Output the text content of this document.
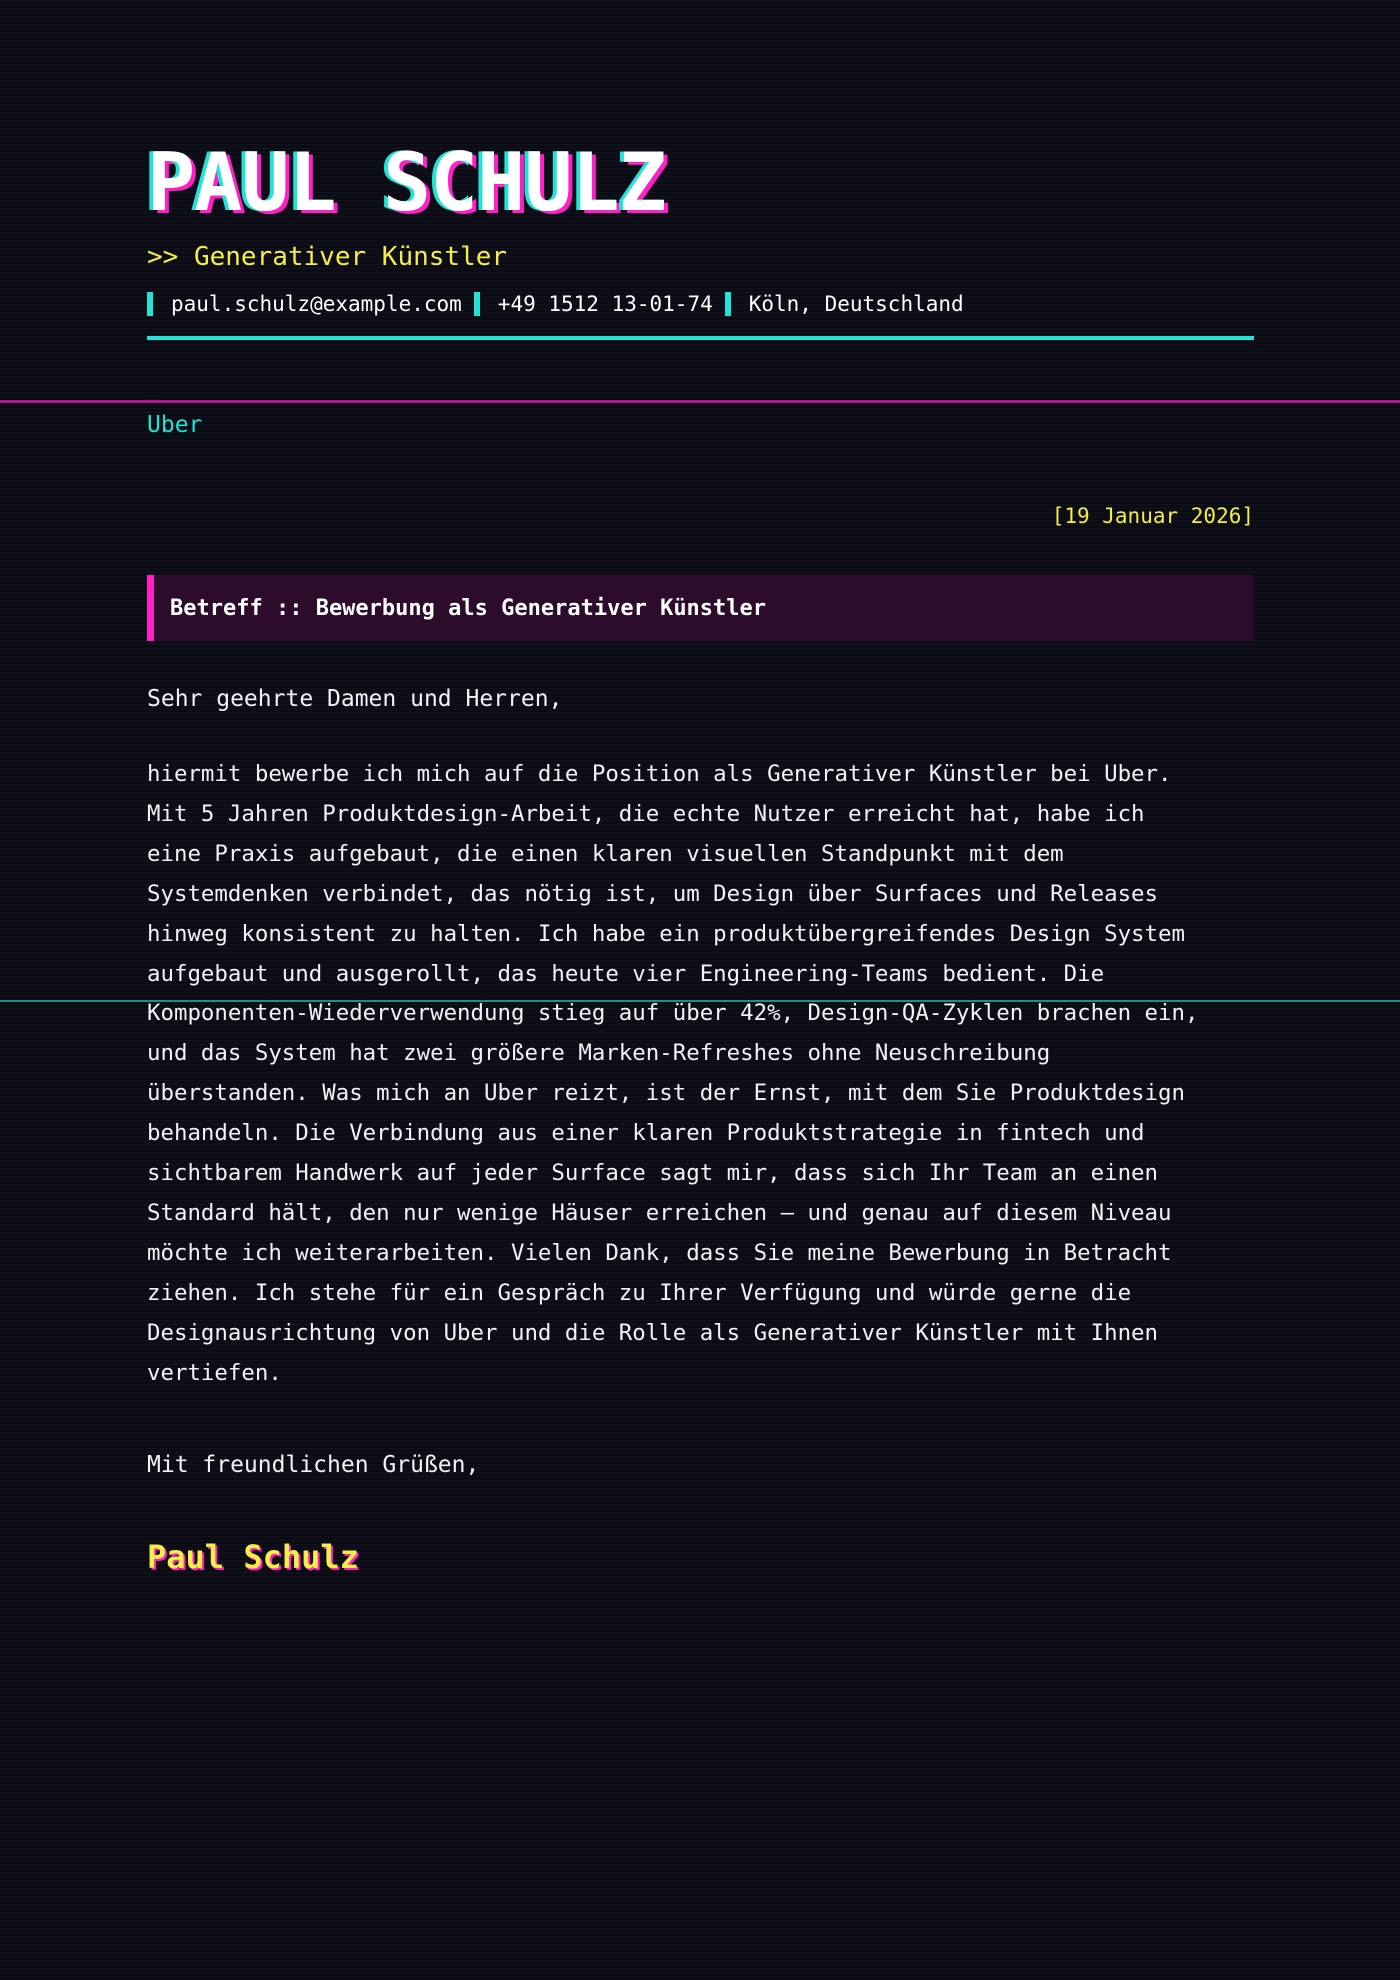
PAUL SCHULZ
>> Generativer Künstler
paul.schulz@example.com +49 1512 13-01-74 Köln, Deutschland
Uber
[19 Januar 2026]
Betreff :: Bewerbung als Generativer Künstler
Sehr geehrte Damen und Herren,
hiermit bewerbe ich mich auf die Position als Generativer Künstler bei Uber.
Mit 5 Jahren Produktdesign-Arbeit, die echte Nutzer erreicht hat, habe ich
eine Praxis aufgebaut, die einen klaren visuellen Standpunkt mit dem
Systemdenken verbindet, das nötig ist, um Design über Surfaces und Releases
hinweg konsistent zu halten. Ich habe ein produktübergreifendes Design System
aufgebaut und ausgerollt, das heute vier Engineering-Teams bedient. Die
Komponenten-Wiederverwendung stieg auf über 42%, Design-QA-Zyklen brachen ein,
und das System hat zwei größere Marken-Refreshes ohne Neuschreibung
überstanden. Was mich an Uber reizt, ist der Ernst, mit dem Sie Produktdesign
behandeln. Die Verbindung aus einer klaren Produktstrategie in fintech und
sichtbarem Handwerk auf jeder Surface sagt mir, dass sich Ihr Team an einen
Standard hält, den nur wenige Häuser erreichen — und genau auf diesem Niveau
möchte ich weiterarbeiten. Vielen Dank, dass Sie meine Bewerbung in Betracht
ziehen. Ich stehe für ein Gespräch zu Ihrer Verfügung und würde gerne die
Designausrichtung von Uber und die Rolle als Generativer Künstler mit Ihnen
vertiefen.
Mit freundlichen Grüßen,
Paul Schulz
